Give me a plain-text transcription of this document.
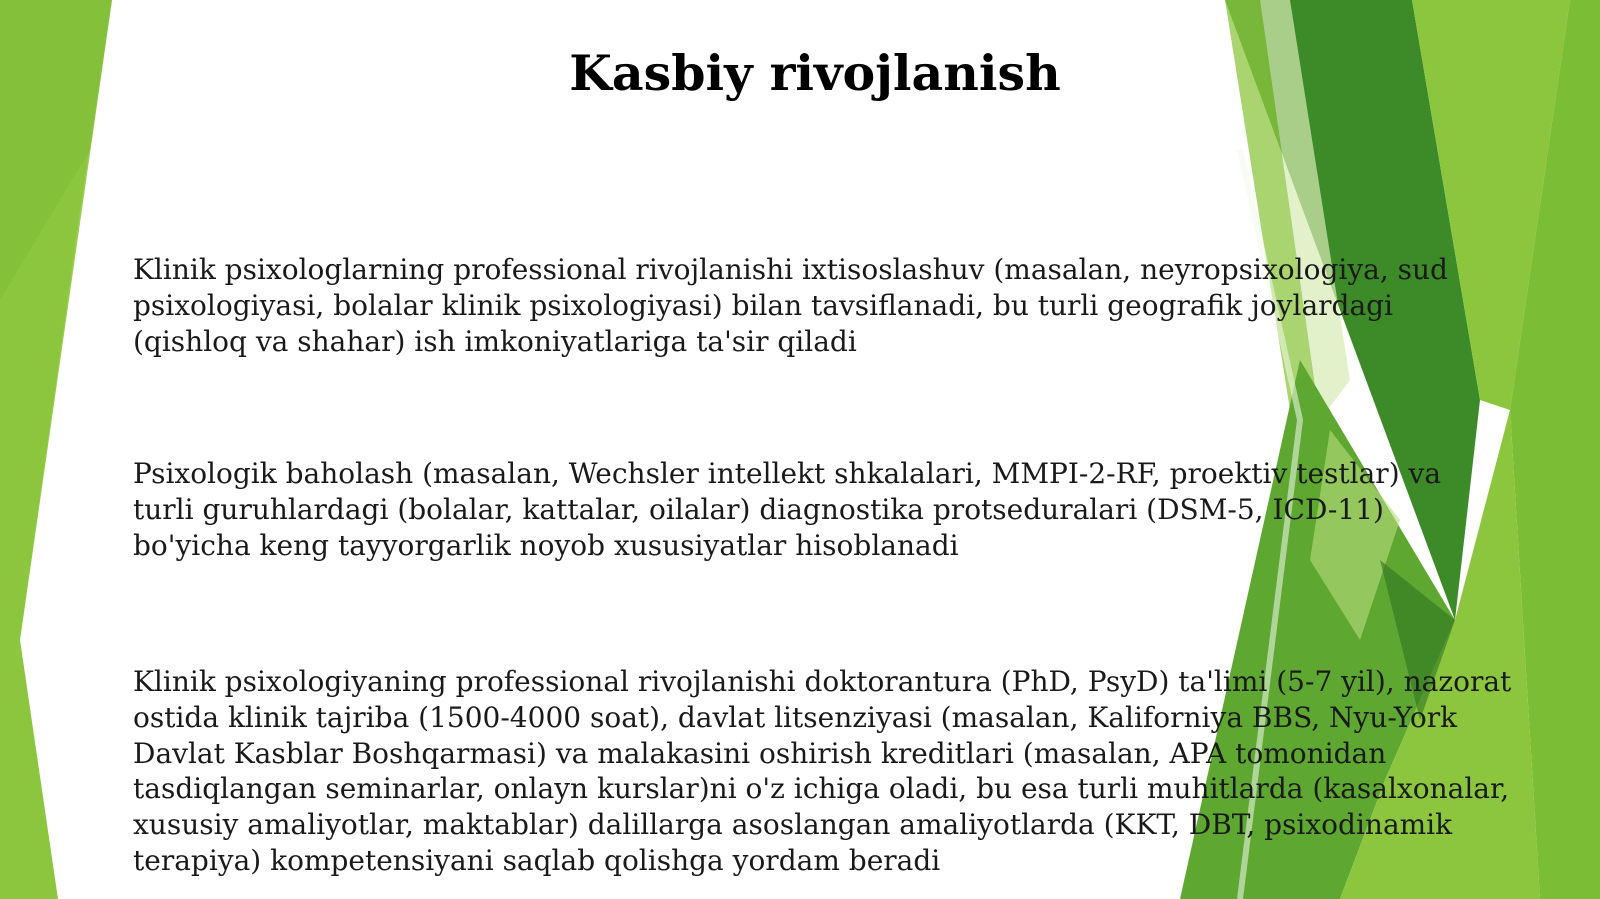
Kasbiy rivojlanish

Klinik psixologlarning professional rivojlanishi ixtisoslashuv (masalan, neyropsixologiya, sud
psixologiyasi, bolalar klinik psixologiyasi) bilan tavsiflanadi, bu turli geografik joylardagi
(qishloq va shahar) ish imkoniyatlariga ta'sir qiladi

Psixologik baholash (masalan, Wechsler intellekt shkalalari, MMPI-2-RF, proektiv testlar) va
turli guruhlardagi (bolalar, kattalar, oilalar) diagnostika protseduralari (DSM-5, ICD-11)
bo'yicha keng tayyorgarlik noyob xususiyatlar hisoblanadi

Klinik psixologiyaning professional rivojlanishi doktorantura (PhD, PsyD) ta'limi (5-7 yil), nazorat
ostida klinik tajriba (1500-4000 soat), davlat litsenziyasi (masalan, Kaliforniya BBS, Nyu-York
Davlat Kasblar Boshqarmasi) va malakasini oshirish kreditlari (masalan, APA tomonidan
tasdiqlangan seminarlar, onlayn kurslar)ni o'z ichiga oladi, bu esa turli muhitlarda (kasalxonalar,
xususiy amaliyotlar, maktablar) dalillarga asoslangan amaliyotlarda (KKT, DBT, psixodinamik
terapiya) kompetensiyani saqlab qolishga yordam beradi
